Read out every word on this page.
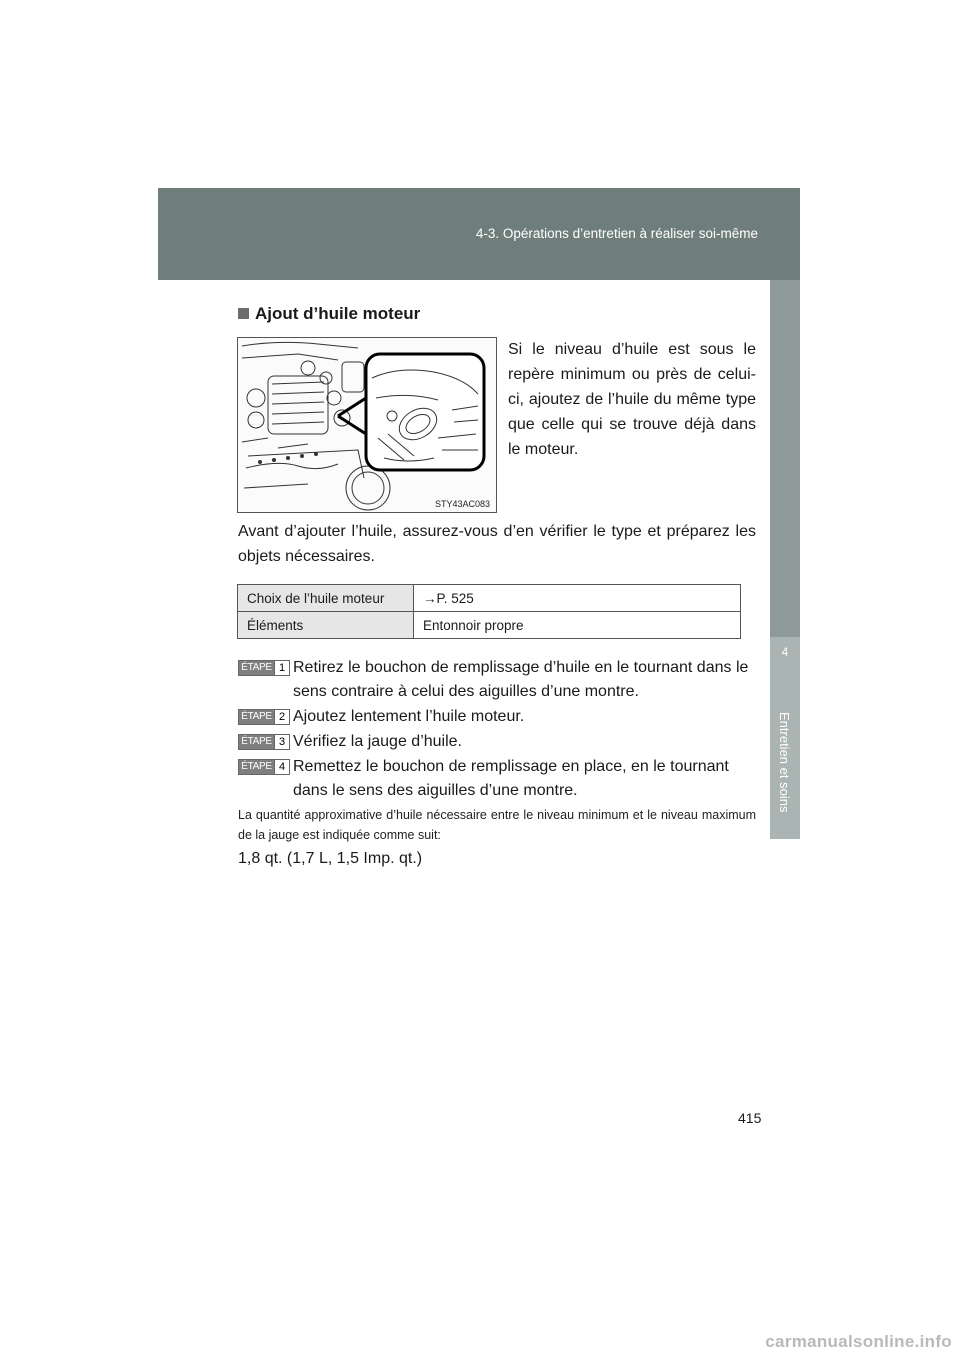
4-3. Opérations d’entretien à réaliser soi-même
4
Entretien et soins
Ajout d’huile moteur
STY43AC083
Si le niveau d’huile est sous le repère minimum ou près de celui-ci, ajoutez de l’huile du même type que celle qui se trouve déjà dans le moteur.
Avant d’ajouter l’huile, assurez-vous d’en vérifier le type et préparez les objets nécessaires.
Choix de l’huile moteur	→P. 525
Éléments	Entonnoir propre
ÉTAPE 1 Retirez le bouchon de remplissage d’huile en le tournant dans le sens contraire à celui des aiguilles d’une montre.
ÉTAPE 2 Ajoutez lentement l’huile moteur.
ÉTAPE 3 Vérifiez la jauge d’huile.
ÉTAPE 4 Remettez le bouchon de remplissage en place, en le tournant dans le sens des aiguilles d’une montre.
La quantité approximative d’huile nécessaire entre le niveau minimum et le niveau maximum de la jauge est indiquée comme suit:
1,8 qt. (1,7 L, 1,5 Imp. qt.)
415
carmanualsonline.info
